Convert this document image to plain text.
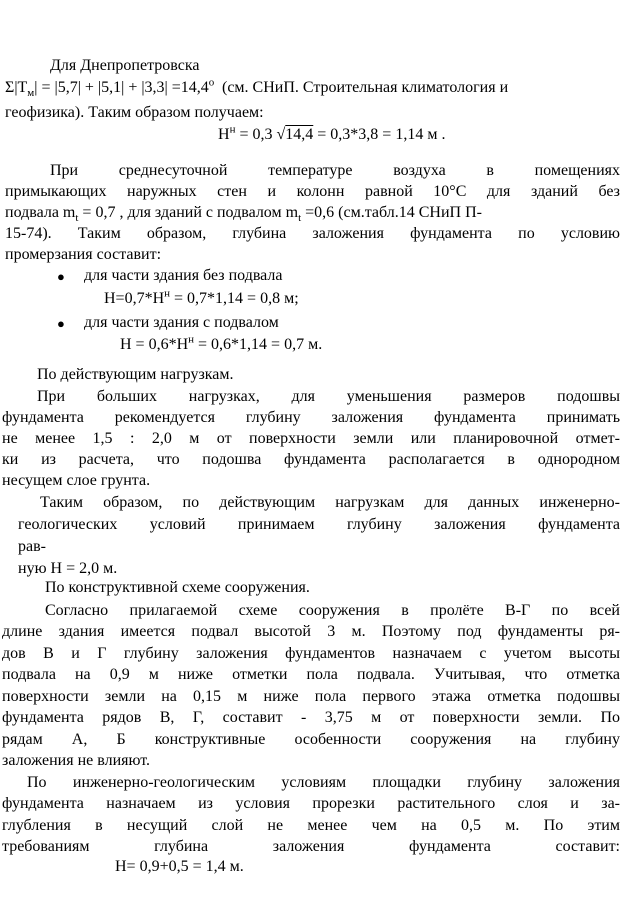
Для Днепропетровска
$\Sigma|T_м| = |5,7| + |5,1| + |3,3| =14,4^o$ (см. СНиП. Строительная климатология и
геофизика). Таким образом получаем:
$Н^н = 0,3$ √14,4 = 0,3*3,8 = 1,14 м .
При среднесуточной температуре воздуха в помещениях
примыкающих наружных стен и колонн равной 10°С для зданий без
подвала $m_t = 0,7$ , для зданий с подвалом $m_t =0,6$ (см.табл.14 СНиП П-
15-74). Таким образом, глубина заложения фундамента по условию
промерзания составит:
● для части здания без подвала
$Н=0,7*Н^н = 0,7*1,14 = 0,8$ м;
● для части здания с подвалом
$Н = 0,6*Н^н = 0,6*1,14 = 0,7$ м.
По действующим нагрузкам.
При больших нагрузках, для уменьшения размеров подошвы
фундамента рекомендуется глубину заложения фундамента принимать
не менее 1,5 : 2,0 м от поверхности земли или планировочной отмет-
ки из расчета, что подошва фундамента располагается в однородном
несущем слое грунта.
Таким образом, по действующим нагрузкам для данных инженерно-
геологических условий принимаем глубину заложения фундамента
рав-
ную Н = 2,0 м.
По конструктивной схеме сооружения.
Согласно прилагаемой схеме сооружения в пролёте В-Г по всей
длине здания имеется подвал высотой 3 м. Поэтому под фундаменты ря-
дов В и Г глубину заложения фундаментов назначаем с учетом высоты
подвала на 0,9 м ниже отметки пола подвала. Учитывая, что отметка
поверхности земли на 0,15 м ниже пола первого этажа отметка подошвы
фундамента рядов В, Г, составит - 3,75 м от поверхности земли. По
рядам А, Б конструктивные особенности сооружения на глубину
заложения не влияют.
По инженерно-геологическим условиям площадки глубину заложения
фундамента назначаем из условия прорезки растительного слоя и за-
глубления в несущий слой не менее чем на 0,5 м. По этим
требованиям глубина заложения фундамента составит:
Н= 0,9+0,5 = 1,4 м.
